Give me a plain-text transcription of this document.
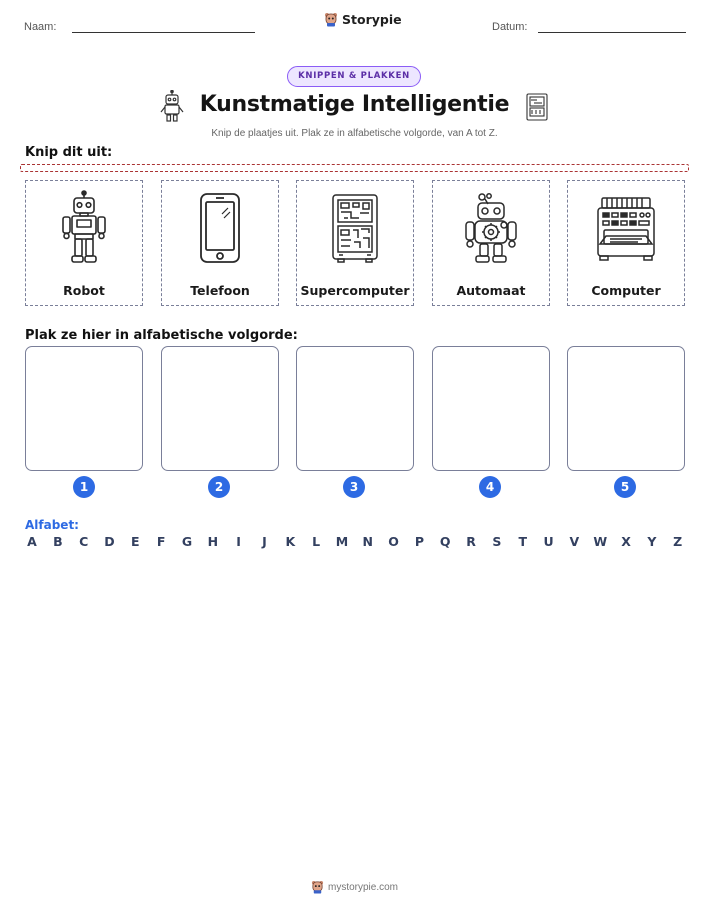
Naam:	Storypie	Datum:
KNIPPEN & PLAKKEN
Kunstmatige Intelligentie
Knip de plaatjes uit. Plak ze in alfabetische volgorde, van A tot Z.
Knip dit uit:
Robot	Telefoon	Supercomputer	Automaat	Computer
Plak ze hier in alfabetische volgorde:
1	2	3	4	5
Alfabet:
A B C D E F G H	I	J	K L M N O P Q R S T U V W X Y Z
mystorypie.com
